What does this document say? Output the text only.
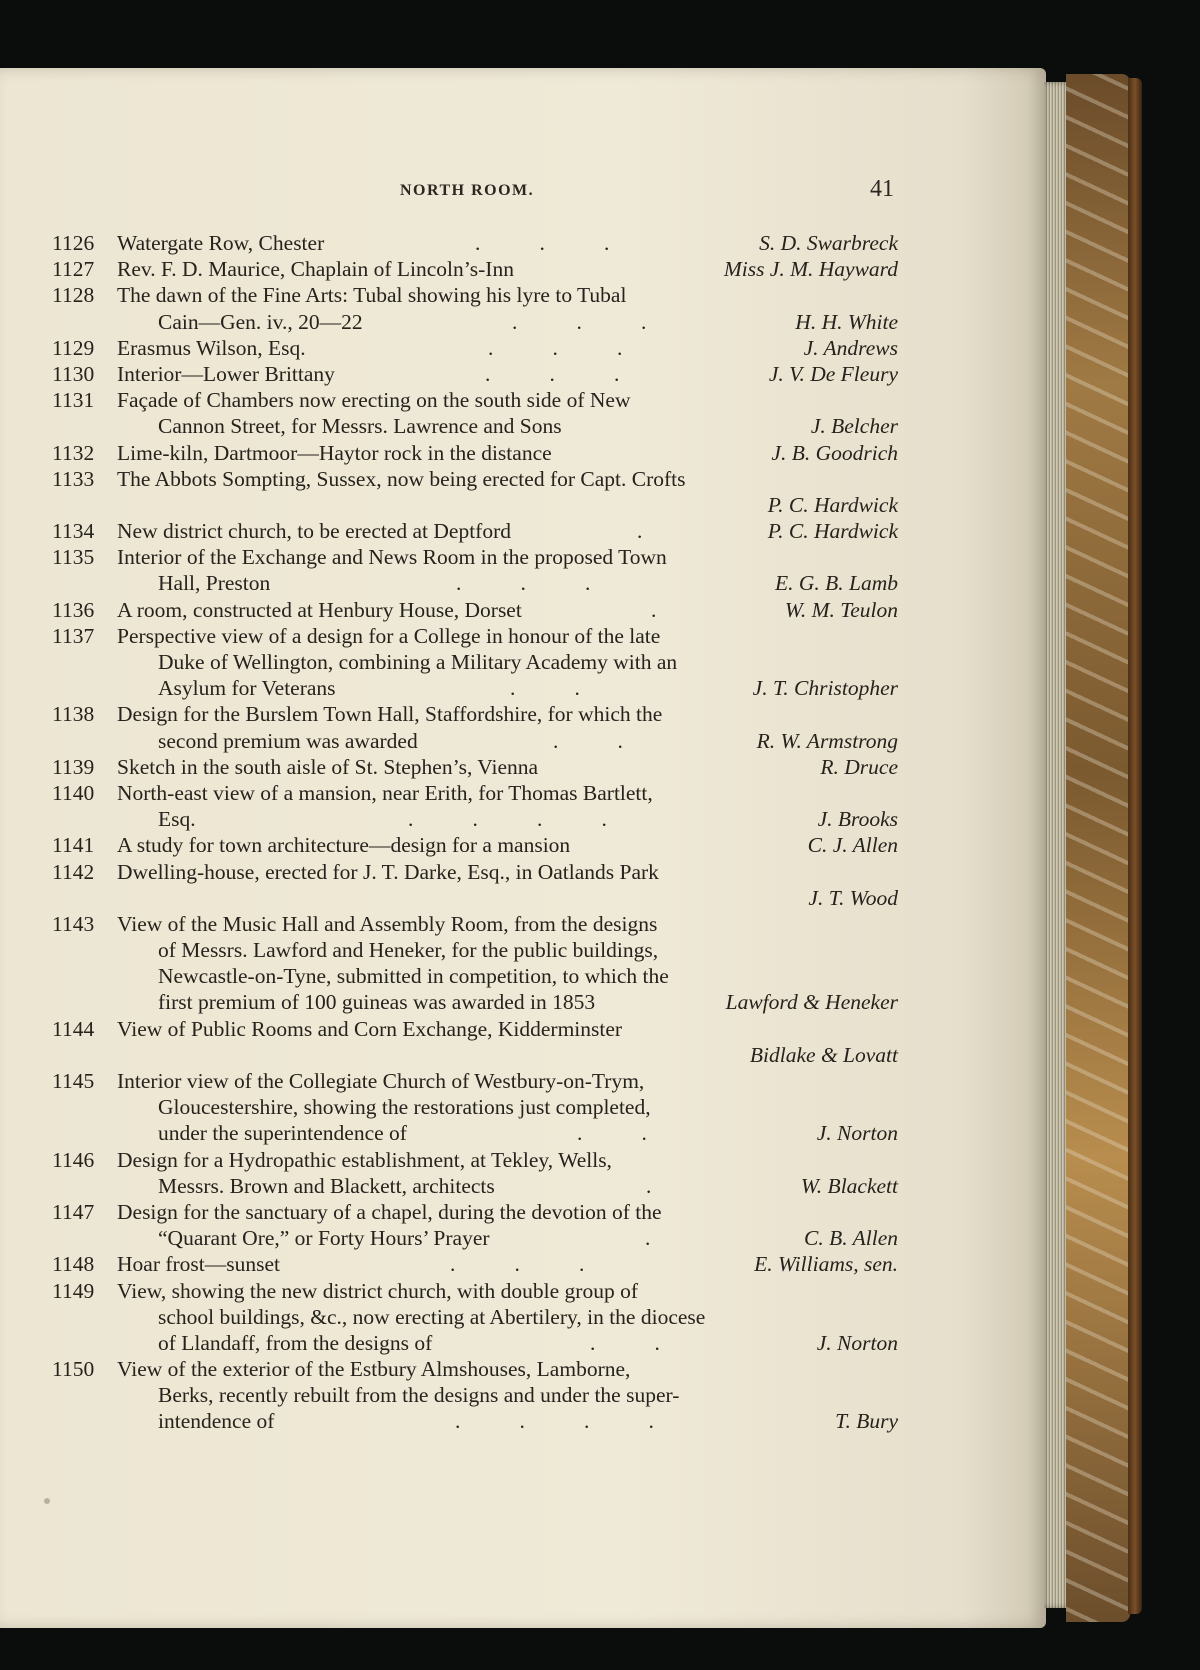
NORTH ROOM.	41
1126	Watergate Row, Chester	.           .           .	S. D. Swarbreck
1127	Rev. F. D. Maurice, Chaplain of Lincoln’s-Inn	Miss J. M. Hayward
1128	The dawn of the Fine Arts: Tubal showing his lyre to Tubal
Cain—Gen. iv., 20—22	.           .           .	H. H. White
1129	Erasmus Wilson, Esq.	.           .           .	J. Andrews
1130	Interior—Lower Brittany	.           .           .	J. V. De Fleury
1131	Façade of Chambers now erecting on the south side of New
Cannon Street, for Messrs. Lawrence and Sons	J. Belcher
1132	Lime-kiln, Dartmoor—Haytor rock in the distance	J. B. Goodrich
1133	The Abbots Sompting, Sussex, now being erected for Capt. Crofts
P. C. Hardwick
1134	New district church, to be erected at Deptford	.	P. C. Hardwick
1135	Interior of the Exchange and News Room in the proposed Town
Hall, Preston	.           .           .	E. G. B. Lamb
1136	A room, constructed at Henbury House, Dorset	.	W. M. Teulon
1137	Perspective view of a design for a College in honour of the late
Duke of Wellington, combining a Military Academy with an
Asylum for Veterans	.           .	J. T. Christopher
1138	Design for the Burslem Town Hall, Staffordshire, for which the
second premium was awarded	.           .	R. W. Armstrong
1139	Sketch in the south aisle of St. Stephen’s, Vienna	R. Druce
1140	North-east view of a mansion, near Erith, for Thomas Bartlett,
Esq.	.           .           .           .	J. Brooks
1141	A study for town architecture—design for a mansion	C. J. Allen
1142	Dwelling-house, erected for J. T. Darke, Esq., in Oatlands Park
J. T. Wood
1143	View of the Music Hall and Assembly Room, from the designs
of Messrs. Lawford and Heneker, for the public buildings,
Newcastle-on-Tyne, submitted in competition, to which the
first premium of 100 guineas was awarded in 1853	Lawford & Heneker
1144	View of Public Rooms and Corn Exchange, Kidderminster
Bidlake & Lovatt
1145	Interior view of the Collegiate Church of Westbury-on-Trym,
Gloucestershire, showing the restorations just completed,
under the superintendence of	.           .	J. Norton
1146	Design for a Hydropathic establishment, at Tekley, Wells,
Messrs. Brown and Blackett, architects	.	W. Blackett
1147	Design for the sanctuary of a chapel, during the devotion of the
“Quarant Ore,” or Forty Hours’ Prayer	.	C. B. Allen
1148	Hoar frost—sunset	.           .           .	E. Williams, sen.
1149	View, showing the new district church, with double group of
school buildings, &c., now erecting at Abertilery, in the diocese
of Llandaff, from the designs of	.           .	J. Norton
1150	View of the exterior of the Estbury Almshouses, Lamborne,
Berks, recently rebuilt from the designs and under the super-
intendence of	.           .           .           .	T. Bury
